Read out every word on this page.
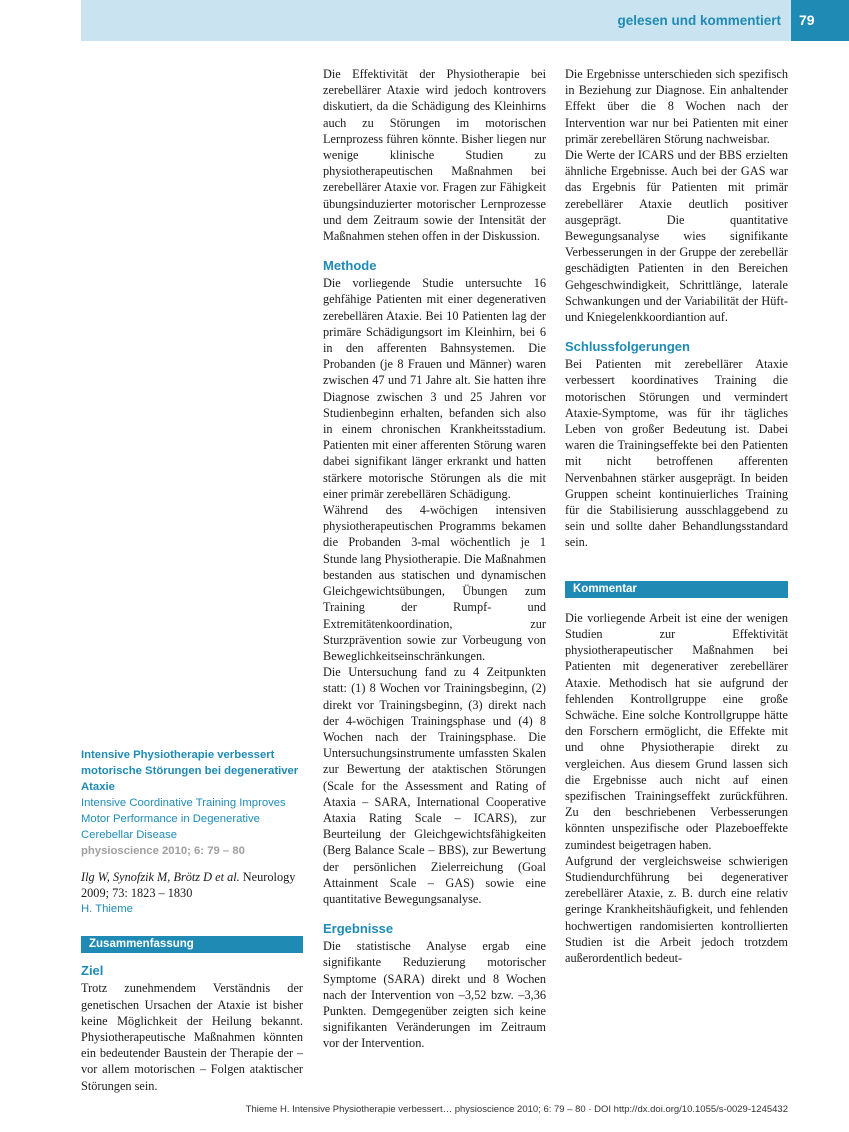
gelesen und kommentiert 79
Intensive Physiotherapie verbessert motorische Störungen bei degenerativer Ataxie
Intensive Coordinative Training Improves Motor Performance in Degenerative Cerebellar Disease
physioscience 2010; 6: 79 – 80
Ilg W, Synofzik M, Brötz D et al. Neurology 2009; 73: 1823 – 1830
H. Thieme
Zusammenfassung
Ziel

Trotz zunehmendem Verständnis der genetischen Ursachen der Ataxie ist bisher keine Möglichkeit der Heilung bekannt. Physiotherapeutische Maßnahmen könnten ein bedeutender Baustein der Therapie der – vor allem motorischen – Folgen ataktischer Störungen sein.

Die Effektivität der Physiotherapie bei zerebellärer Ataxie wird jedoch kontrovers diskutiert, da die Schädigung des Kleinhirns auch zu Störungen im motorischen Lernprozess führen könnte. Bisher liegen nur wenige klinische Studien zu physiotherapeutischen Maßnahmen bei zerebellärer Ataxie vor. Fragen zur Fähigkeit übungsinduzierter motorischer Lernprozesse und dem Zeitraum sowie der Intensität der Maßnahmen stehen offen in der Diskussion.

Methode

Die vorliegende Studie untersuchte 16 gehfähige Patienten mit einer degenerativen zerebellären Ataxie. Bei 10 Patienten lag der primäre Schädigungsort im Kleinhirn, bei 6 in den afferenten Bahnsystemen. Die Probanden (je 8 Frauen und Männer) waren zwischen 47 und 71 Jahre alt. Sie hatten ihre Diagnose zwischen 3 und 25 Jahren vor Studienbeginn erhalten, befanden sich also in einem chronischen Krankheitsstadium. Patienten mit einer afferenten Störung waren dabei signifikant länger erkrankt und hatten stärkere motorische Störungen als die mit einer primär zerebellären Schädigung.

Während des 4-wöchigen intensiven physiotherapeutischen Programms bekamen die Probanden 3-mal wöchentlich je 1 Stunde lang Physiotherapie. Die Maßnahmen bestanden aus statischen und dynamischen Gleichgewichtsübungen, Übungen zum Training der Rumpf- und Extremitätenkoordination, zur Sturzprävention sowie zur Vorbeugung von Beweglichkeitseinschränkungen.

Die Untersuchung fand zu 4 Zeitpunkten statt: (1) 8 Wochen vor Trainingsbeginn, (2) direkt vor Trainingsbeginn, (3) direkt nach der 4-wöchigen Trainingsphase und (4) 8 Wochen nach der Trainingsphase. Die Untersuchungsinstrumente umfassten Skalen zur Bewertung der ataktischen Störungen (Scale for the Assessment and Rating of Ataxia – SARA, International Cooperative Ataxia Rating Scale – ICARS), zur Beurteilung der Gleichgewichtsfähigkeiten (Berg Balance Scale – BBS), zur Bewertung der persönlichen Zielerreichung (Goal Attainment Scale – GAS) sowie eine quantitative Bewegungsanalyse.

Ergebnisse

Die statistische Analyse ergab eine signifikante Reduzierung motorischer Symptome (SARA) direkt und 8 Wochen nach der Intervention von –3,52 bzw. –3,36 Punkten. Demgegenüber zeigten sich keine signifikanten Veränderungen im Zeitraum vor der Intervention.

Die Ergebnisse unterschieden sich spezifisch in Beziehung zur Diagnose. Ein anhaltender Effekt über die 8 Wochen nach der Intervention war nur bei Patienten mit einer primär zerebellären Störung nachweisbar.

Die Werte der ICARS und der BBS erzielten ähnliche Ergebnisse. Auch bei der GAS war das Ergebnis für Patienten mit primär zerebellärer Ataxie deutlich positiver ausgeprägt. Die quantitative Bewegungsanalyse wies signifikante Verbesserungen in der Gruppe der zerebellär geschädigten Patienten in den Bereichen Gehgeschwindigkeit, Schrittlänge, laterale Schwankungen und der Variabilität der Hüft- und Kniegelenkkoordiantion auf.

Schlussfolgerungen

Bei Patienten mit zerebellärer Ataxie verbessert koordinatives Training die motorischen Störungen und vermindert Ataxie-Symptome, was für ihr tägliches Leben von großer Bedeutung ist. Dabei waren die Trainingseffekte bei den Patienten mit nicht betroffenen afferenten Nervenbahnen stärker ausgeprägt. In beiden Gruppen scheint kontinuierliches Training für die Stabilisierung ausschlaggebend zu sein und sollte daher Behandlungsstandard sein.

Kommentar

Die vorliegende Arbeit ist eine der wenigen Studien zur Effektivität physiotherapeutischer Maßnahmen bei Patienten mit degenerativer zerebellärer Ataxie. Methodisch hat sie aufgrund der fehlenden Kontrollgruppe eine große Schwäche. Eine solche Kontrollgruppe hätte den Forschern ermöglicht, die Effekte mit und ohne Physiotherapie direkt zu vergleichen. Aus diesem Grund lassen sich die Ergebnisse auch nicht auf einen spezifischen Trainingseffekt zurückführen. Zu den beschriebenen Verbesserungen könnten unspezifische oder Plazeboeffekte zumindest beigetragen haben.

Aufgrund der vergleichsweise schwierigen Studiendurchführung bei degenerativer zerebellärer Ataxie, z. B. durch eine relativ geringe Krankheitshäufigkeit, und fehlenden hochwertigen randomisierten kontrollierten Studien ist die Arbeit jedoch trotzdem außerordentlich bedeut-

Thieme H. Intensive Physiotherapie verbessert… physioscience 2010; 6: 79 – 80 · DOI http://dx.doi.org/10.1055/s-0029-1245432
